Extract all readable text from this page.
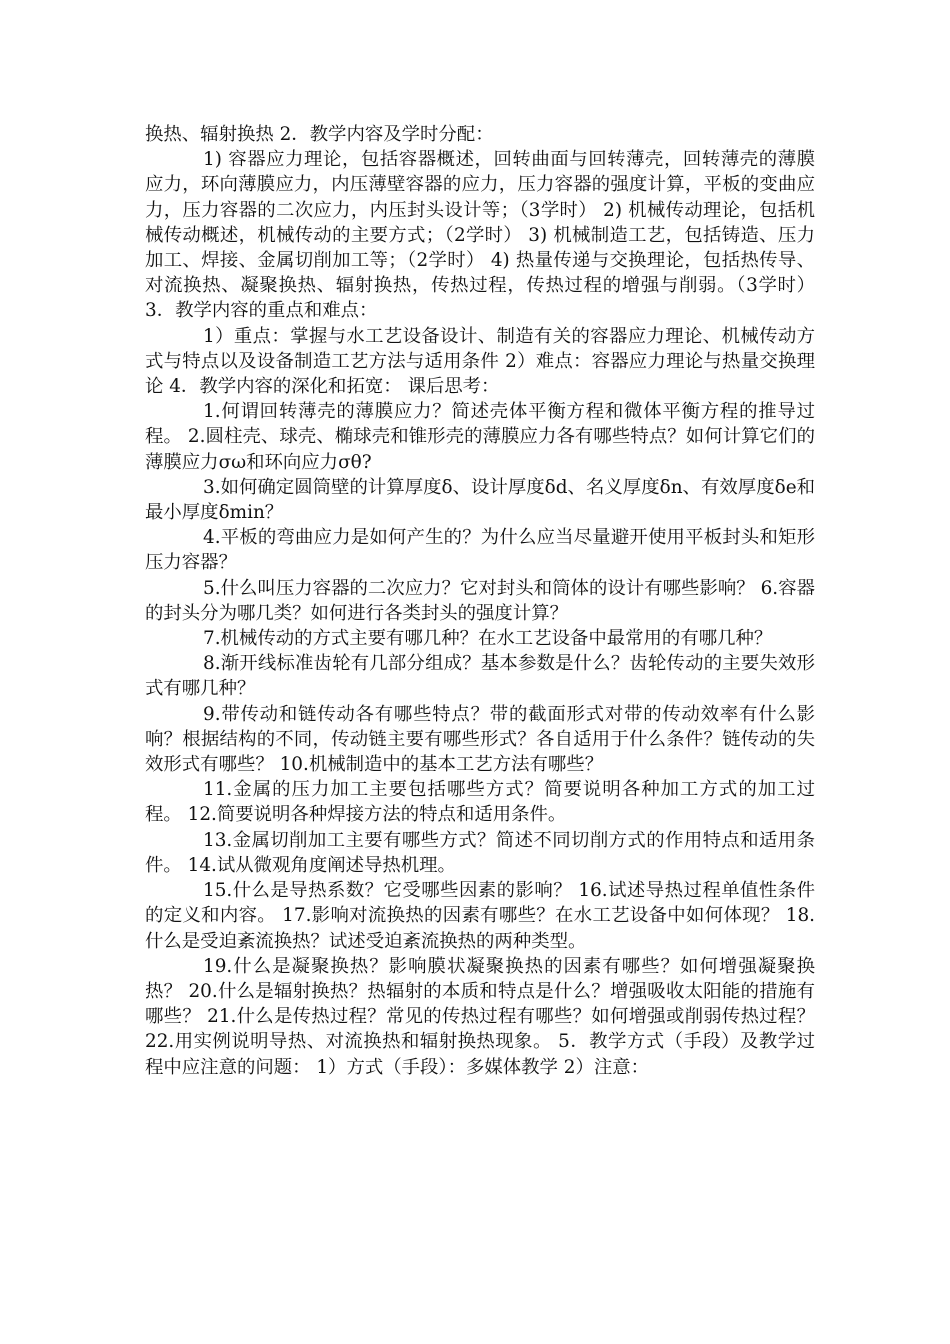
换热、辐射换热 2．教学内容及学时分配：

1) 容器应力理论，包括容器概述，回转曲面与回转薄壳，回转薄壳的薄膜应力，环向薄膜应力，内压薄壁容器的应力，压力容器的强度计算，平板的变曲应力，压力容器的二次应力，内压封头设计等；（3学时） 2) 机械传动理论，包括机械传动概述，机械传动的主要方式；（2学时） 3) 机械制造工艺，包括铸造、压力加工、焊接、金属切削加工等；（2学时） 4) 热量传递与交换理论，包括热传导、对流换热、凝聚换热、辐射换热，传热过程，传热过程的增强与削弱。（3学时） 3．教学内容的重点和难点：

1）重点：掌握与水工艺设备设计、制造有关的容器应力理论、机械传动方式与特点以及设备制造工艺方法与适用条件 2）难点：容器应力理论与热量交换理论 4．教学内容的深化和拓宽： 课后思考：

1.何谓回转薄壳的薄膜应力？简述壳体平衡方程和微体平衡方程的推导过程。 2.圆柱壳、球壳、椭球壳和锥形壳的薄膜应力各有哪些特点？如何计算它们的薄膜应力σω和环向应力σθ?

3.如何确定圆筒壁的计算厚度δ、设计厚度δd、名义厚度δn、有效厚度δe和最小厚度δmin？

4.平板的弯曲应力是如何产生的？为什么应当尽量避开使用平板封头和矩形压力容器？

5.什么叫压力容器的二次应力？它对封头和筒体的设计有哪些影响？ 6.容器的封头分为哪几类？如何进行各类封头的强度计算？

7.机械传动的方式主要有哪几种？在水工艺设备中最常用的有哪几种？

8.渐开线标准齿轮有几部分组成？基本参数是什么？齿轮传动的主要失效形式有哪几种？

9.带传动和链传动各有哪些特点？带的截面形式对带的传动效率有什么影响？根据结构的不同，传动链主要有哪些形式？各自适用于什么条件？链传动的失效形式有哪些？ 10.机械制造中的基本工艺方法有哪些？

11.金属的压力加工主要包括哪些方式？简要说明各种加工方式的加工过程。 12.简要说明各种焊接方法的特点和适用条件。

13.金属切削加工主要有哪些方式？简述不同切削方式的作用特点和适用条件。 14.试从微观角度阐述导热机理。

15.什么是导热系数？它受哪些因素的影响？ 16.试述导热过程单值性条件的定义和内容。 17.影响对流换热的因素有哪些？在水工艺设备中如何体现？ 18.什么是受迫紊流换热？试述受迫紊流换热的两种类型。

19.什么是凝聚换热？影响膜状凝聚换热的因素有哪些？如何增强凝聚换热？ 20.什么是辐射换热？热辐射的本质和特点是什么？增强吸收太阳能的措施有哪些？ 21.什么是传热过程？常见的传热过程有哪些？如何增强或削弱传热过程？ 22.用实例说明导热、对流换热和辐射换热现象。 5．教学方式（手段）及教学过程中应注意的问题： 1）方式（手段）：多媒体教学 2）注意：
